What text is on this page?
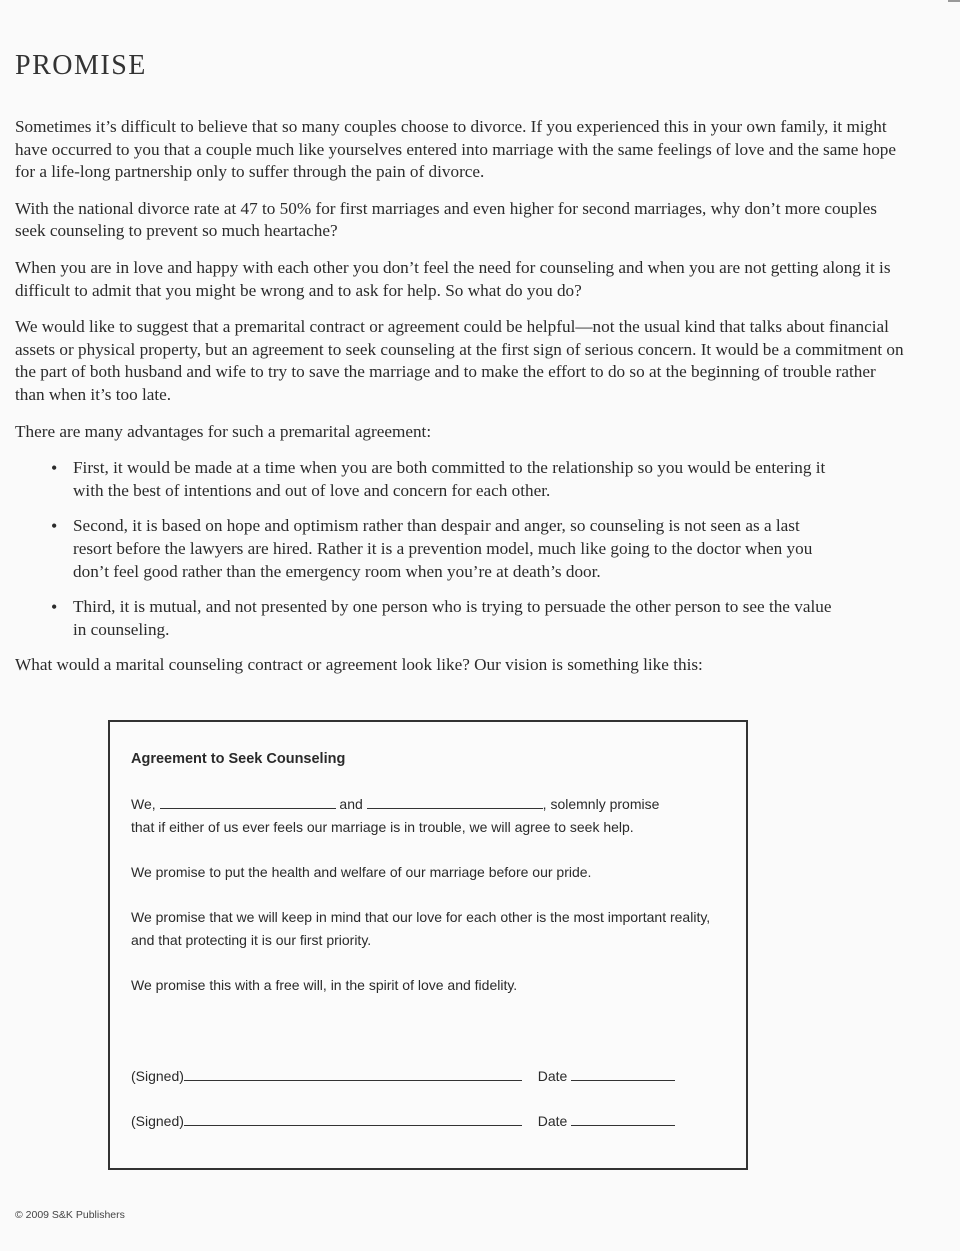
PROMISE

Sometimes it’s difficult to believe that so many couples choose to divorce. If you experienced this in your own family, it might have occurred to you that a couple much like yourselves entered into marriage with the same feelings of love and the same hope for a life-long partnership only to suffer through the pain of divorce.

With the national divorce rate at 47 to 50% for first marriages and even higher for second marriages, why don’t more couples seek counseling to prevent so much heartache?

When you are in love and happy with each other you don’t feel the need for counseling and when you are not getting along it is difficult to admit that you might be wrong and to ask for help. So what do you do?

We would like to suggest that a premarital contract or agreement could be helpful—not the usual kind that talks about financial assets or physical property, but an agreement to seek counseling at the first sign of serious concern. It would be a commitment on the part of both husband and wife to try to save the marriage and to make the effort to do so at the beginning of trouble rather than when it’s too late.

There are many advantages for such a premarital agreement:

• First, it would be made at a time when you are both committed to the relationship so you would be entering it with the best of intentions and out of love and concern for each other.
• Second, it is based on hope and optimism rather than despair and anger, so counseling is not seen as a last resort before the lawyers are hired. Rather it is a prevention model, much like going to the doctor when you don’t feel good rather than the emergency room when you’re at death’s door.
• Third, it is mutual, and not presented by one person who is trying to persuade the other person to see the value in counseling.

What would a marital counseling contract or agreement look like? Our vision is something like this:

Agreement to Seek Counseling

We,	and	, solemnly promise
that if either of us ever feels our marriage is in trouble, we will agree to seek help.

We promise to put the health and welfare of our marriage before our pride.

We promise that we will keep in mind that our love for each other is the most important reality, and that protecting it is our first priority.

We promise this with a free will, in the spirit of love and fidelity.

(Signed)	Date
(Signed)	Date
© 2009 S&K Publishers
